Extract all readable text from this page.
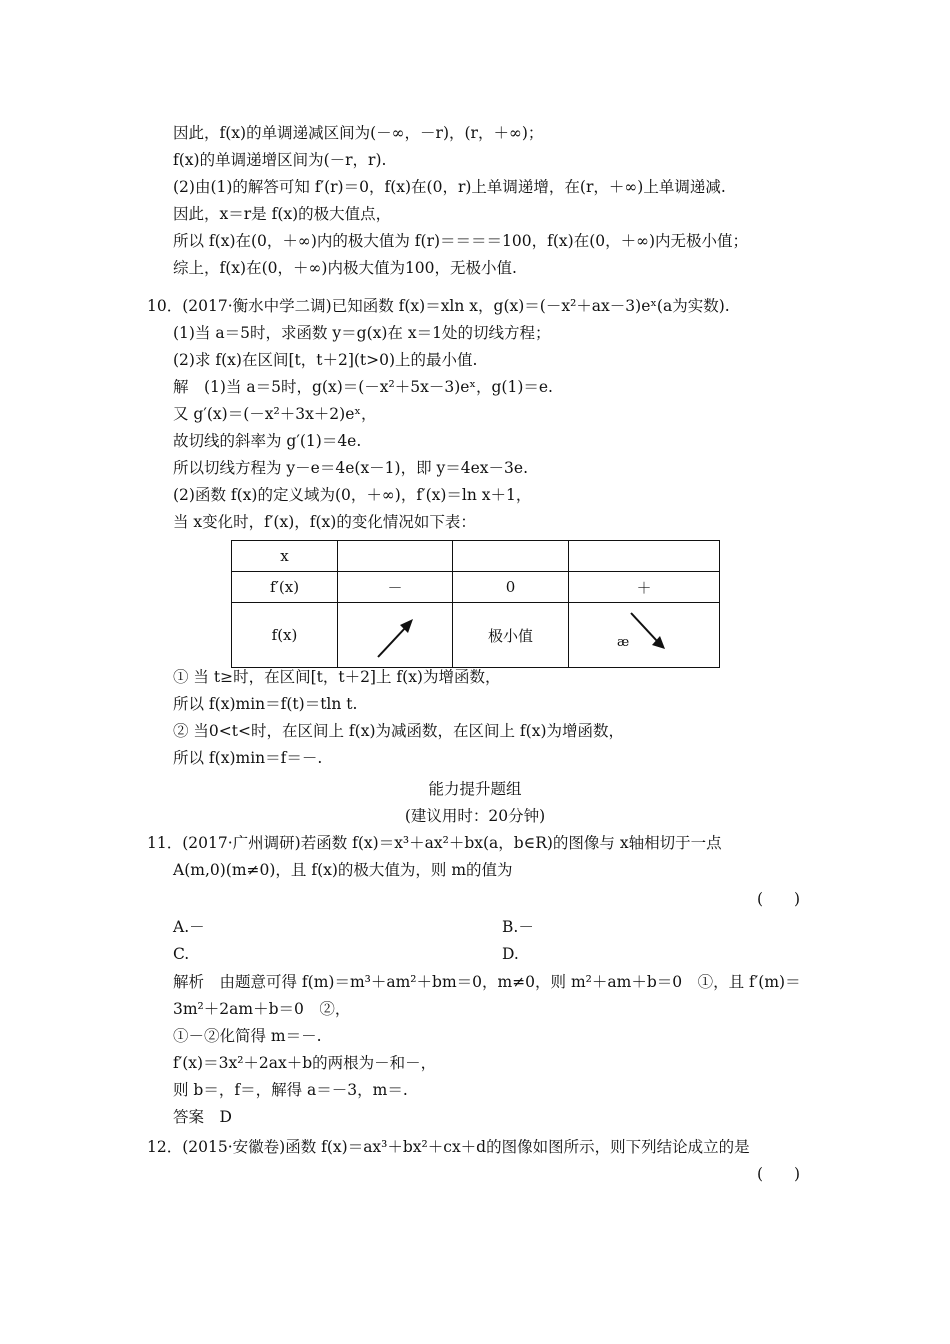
因此，f(x)的单调递减区间为(－∞，－r)，(r，＋∞)；
f(x)的单调递增区间为(－r，r).
(2)由(1)的解答可知 f′(r)＝0，f(x)在(0，r)上单调递增，在(r，＋∞)上单调递减.
因此，x＝r是 f(x)的极大值点，
所以 f(x)在(0，＋∞)内的极大值为 f(r)＝＝＝＝100，f(x)在(0，＋∞)内无极小值；
综上，f(x)在(0，＋∞)内极大值为100，无极小值.
10．(2017·衡水中学二调)已知函数 f(x)＝xln x，g(x)＝(－x²＋ax－3)eˣ(a为实数).
(1)当 a＝5时，求函数 y＝g(x)在 x＝1处的切线方程；
(2)求 f(x)在区间[t，t＋2](t>0)上的最小值.
解　(1)当 a＝5时，g(x)＝(－x²＋5x－3)eˣ，g(1)＝e.
又 g′(x)＝(－x²＋3x＋2)eˣ，
故切线的斜率为 g′(1)＝4e.
所以切线方程为 y－e＝4e(x－1)，即 y＝4ex－3e.
(2)函数 f(x)的定义域为(0，＋∞)，f′(x)＝ln x＋1，
当 x变化时，f′(x)，f(x)的变化情况如下表：
x			
f′(x)	－	0	＋
f(x)		极小值	æ
① 当 t≥时，在区间[t，t＋2]上 f(x)为增函数，
所以 f(x)min＝f(t)＝tln t.
② 当0<t<时，在区间上 f(x)为减函数，在区间上 f(x)为增函数，
所以 f(x)min＝f＝－.
能力提升题组
(建议用时：20分钟)
11．(2017·广州调研)若函数 f(x)＝x³＋ax²＋bx(a，b∈R)的图像与 x轴相切于一点
A(m,0)(m≠0)，且 f(x)的极大值为，则 m的值为
(　　)
A.－	B.－
C.	D.
解析　由题意可得 f(m)＝m³＋am²＋bm＝0，m≠0，则 m²＋am＋b＝0　①，且 f′(m)＝
3m²＋2am＋b＝0　②，
①－②化简得 m＝－.
f′(x)＝3x²＋2ax＋b的两根为－和－，
则 b＝，f＝，解得 a＝－3，m＝.
答案　D
12．(2015·安徽卷)函数 f(x)＝ax³＋bx²＋cx＋d的图像如图所示，则下列结论成立的是
(　　)
